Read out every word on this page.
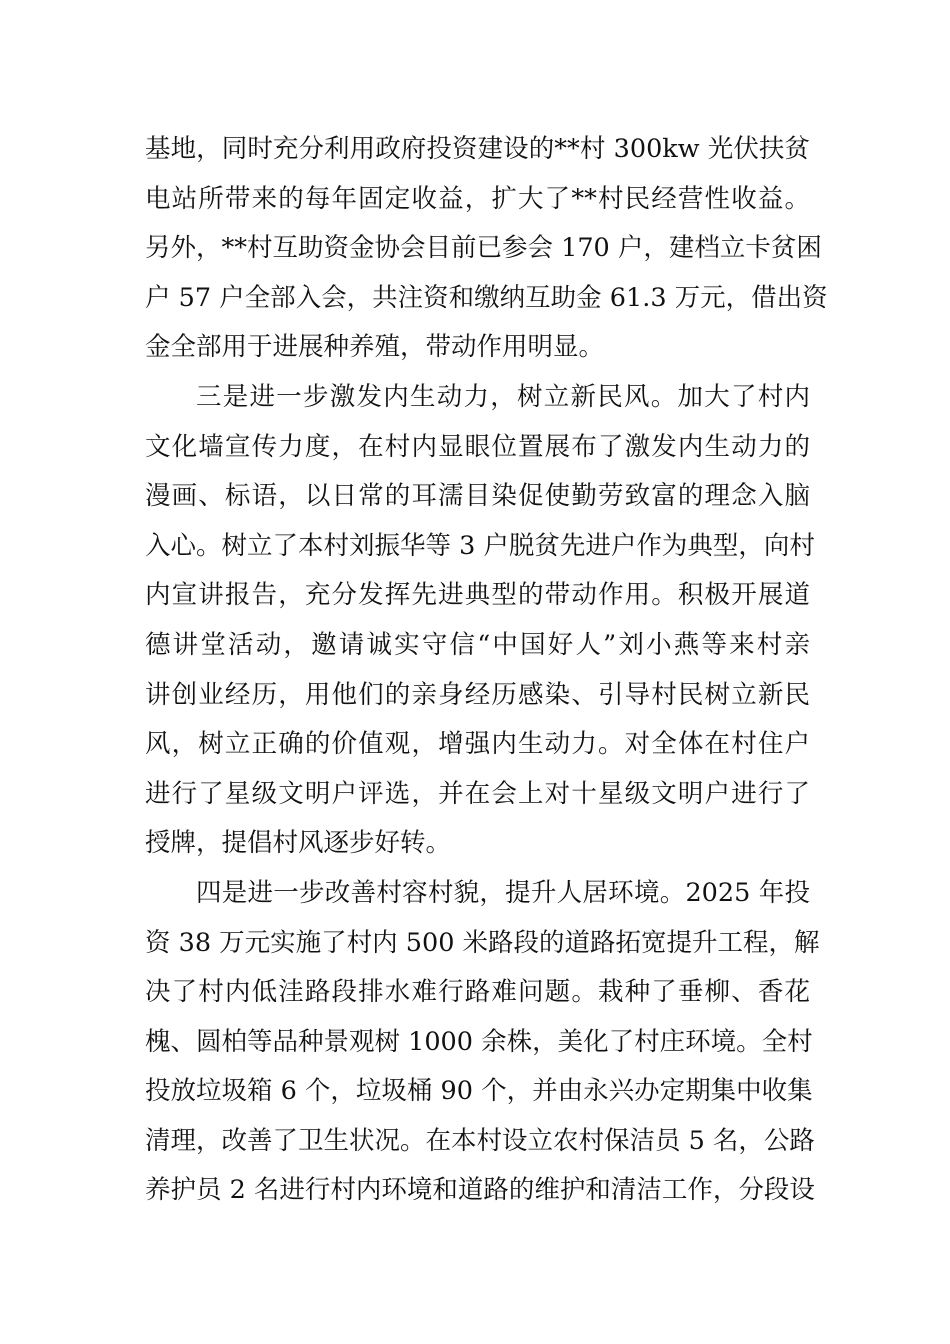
基地，同时充分利用政府投资建设的**村 300kw 光伏扶贫
电站所带来的每年固定收益，扩大了**村民经营性收益。
另外，**村互助资金协会目前已参会 170 户，建档立卡贫困
户 57 户全部入会，共注资和缴纳互助金 61.3 万元，借出资
金全部用于进展种养殖，带动作用明显。
三是进一步激发内生动力，树立新民风。加大了村内
文化墙宣传力度，在村内显眼位置展布了激发内生动力的
漫画、标语，以日常的耳濡目染促使勤劳致富的理念入脑
入心。树立了本村刘振华等 3 户脱贫先进户作为典型，向村
内宣讲报告，充分发挥先进典型的带动作用。积极开展道
德讲堂活动，邀请诚实守信“中国好人”刘小燕等来村亲
讲创业经历，用他们的亲身经历感染、引导村民树立新民
风，树立正确的价值观，增强内生动力。对全体在村住户
进行了星级文明户评选，并在会上对十星级文明户进行了
授牌，提倡村风逐步好转。
四是进一步改善村容村貌，提升人居环境。2025 年投
资 38 万元实施了村内 500 米路段的道路拓宽提升工程，解
决了村内低洼路段排水难行路难问题。栽种了垂柳、香花
槐、圆柏等品种景观树 1000 余株，美化了村庄环境。全村
投放垃圾箱 6 个，垃圾桶 90 个，并由永兴办定期集中收集
清理，改善了卫生状况。在本村设立农村保洁员 5 名，公路
养护员 2 名进行村内环境和道路的维护和清洁工作，分段设
